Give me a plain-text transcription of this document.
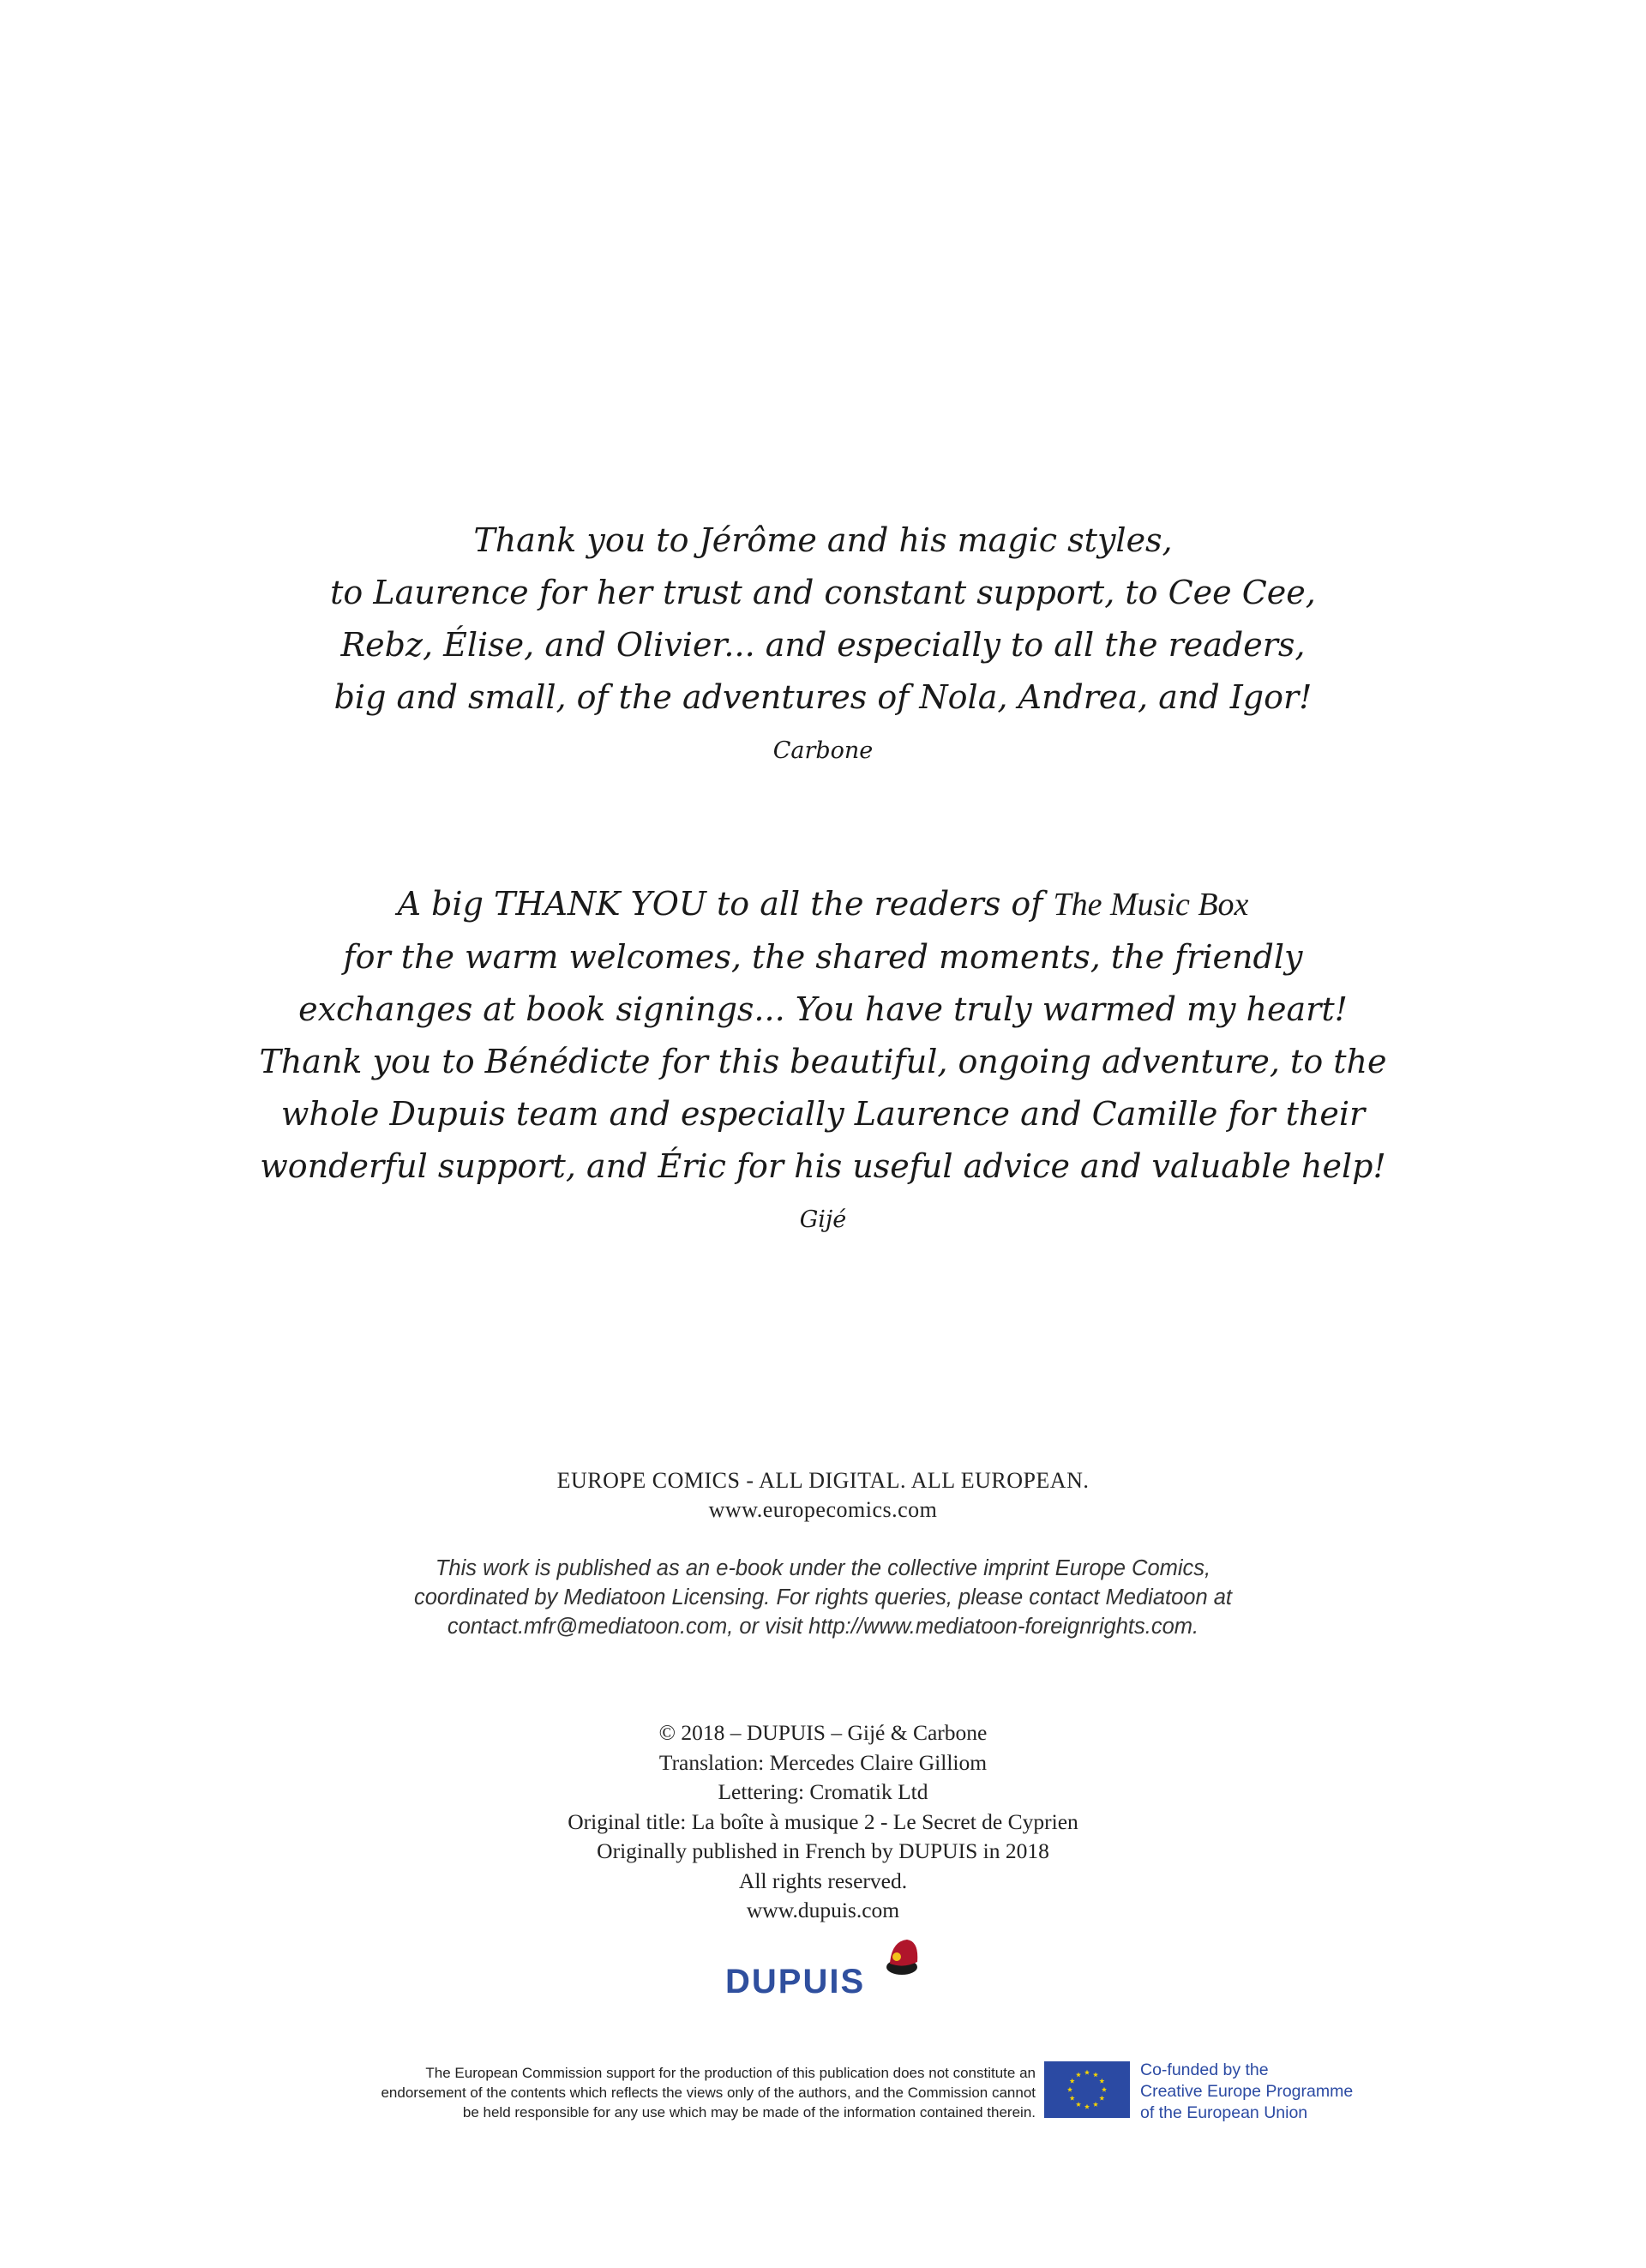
Thank you to Jérôme and his magic styles,

to Laurence for her trust and constant support, to Cee Cee,

Rebz, Élise, and Olivier... and especially to all the readers,

big and small, of the adventures of Nola, Andrea, and Igor!

Carbone

A big THANK YOU to all the readers of The Music Box

for the warm welcomes, the shared moments, the friendly

exchanges at book signings... You have truly warmed my heart!

Thank you to Bénédicte for this beautiful, ongoing adventure, to the

whole Dupuis team and especially Laurence and Camille for their

wonderful support, and Éric for his useful advice and valuable help!

Gijé

EUROPE COMICS - ALL DIGITAL. ALL EUROPEAN.

www.europecomics.com

This work is published as an e-book under the collective imprint Europe Comics,

coordinated by Mediatoon Licensing. For rights queries, please contact Mediatoon at

contact.mfr@mediatoon.com, or visit http://www.mediatoon-foreignrights.com.

© 2018 – DUPUIS – Gijé & Carbone

Translation: Mercedes Claire Gilliom

Lettering: Cromatik Ltd

Original title: La boîte à musique 2 - Le Secret de Cyprien

Originally published in French by DUPUIS in 2018

All rights reserved.

www.dupuis.com

DUPUIS

The European Commission support for the production of this publication does not constitute an

endorsement of the contents which reflects the views only of the authors, and the Commission cannot

be held responsible for any use which may be made of the information contained therein.

Co-funded by the

Creative Europe Programme

of the European Union
